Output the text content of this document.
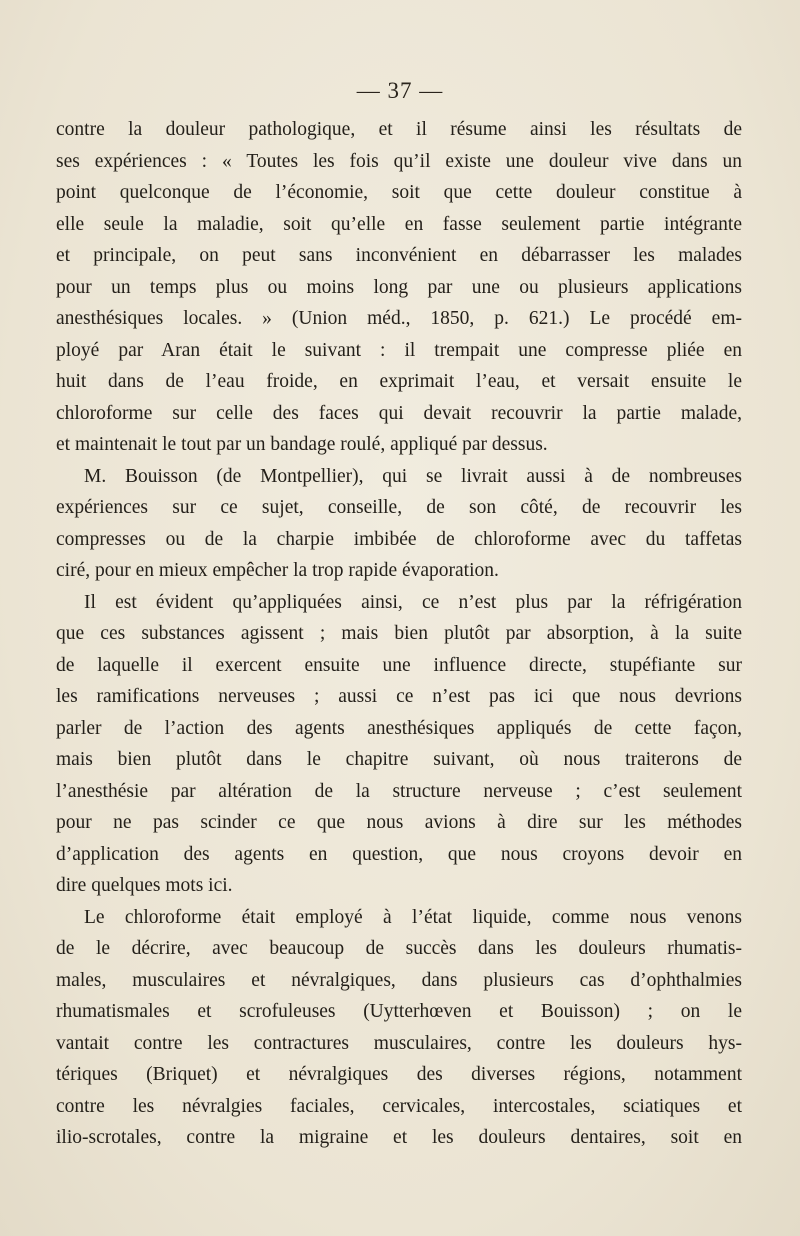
— 37 —
contre la douleur pathologique, et il résume ainsi les résultats de
ses expériences : « Toutes les fois qu’il existe une douleur vive dans un
point quelconque de l’économie, soit que cette douleur constitue à
elle seule la maladie, soit qu’elle en fasse seulement partie intégrante
et principale, on peut sans inconvénient en débarrasser les malades
pour un temps plus ou moins long par une ou plusieurs applications
anesthésiques locales. » (Union méd., 1850, p. 621.) Le procédé em-
ployé par Aran était le suivant : il trempait une compresse pliée en
huit dans de l’eau froide, en exprimait l’eau, et versait ensuite le
chloroforme sur celle des faces qui devait recouvrir la partie malade,
et maintenait le tout par un bandage roulé, appliqué par dessus.
M. Bouisson (de Montpellier), qui se livrait aussi à de nombreuses
expériences sur ce sujet, conseille, de son côté, de recouvrir les
compresses ou de la charpie imbibée de chloroforme avec du taffetas
ciré, pour en mieux empêcher la trop rapide évaporation.
Il est évident qu’appliquées ainsi, ce n’est plus par la réfrigération
que ces substances agissent ; mais bien plutôt par absorption, à la suite
de laquelle il exercent ensuite une influence directe, stupéfiante sur
les ramifications nerveuses ; aussi ce n’est pas ici que nous devrions
parler de l’action des agents anesthésiques appliqués de cette façon,
mais bien plutôt dans le chapitre suivant, où nous traiterons de
l’anesthésie par altération de la structure nerveuse ; c’est seulement
pour ne pas scinder ce que nous avions à dire sur les méthodes
d’application des agents en question, que nous croyons devoir en
dire quelques mots ici.
Le chloroforme était employé à l’état liquide, comme nous venons
de le décrire, avec beaucoup de succès dans les douleurs rhumatis-
males, musculaires et névralgiques, dans plusieurs cas d’ophthalmies
rhumatismales et scrofuleuses (Uytterhœven et Bouisson) ; on le
vantait contre les contractures musculaires, contre les douleurs hys-
tériques (Briquet) et névralgiques des diverses régions, notamment
contre les névralgies faciales, cervicales, intercostales, sciatiques et
ilio-scrotales, contre la migraine et les douleurs dentaires, soit en
